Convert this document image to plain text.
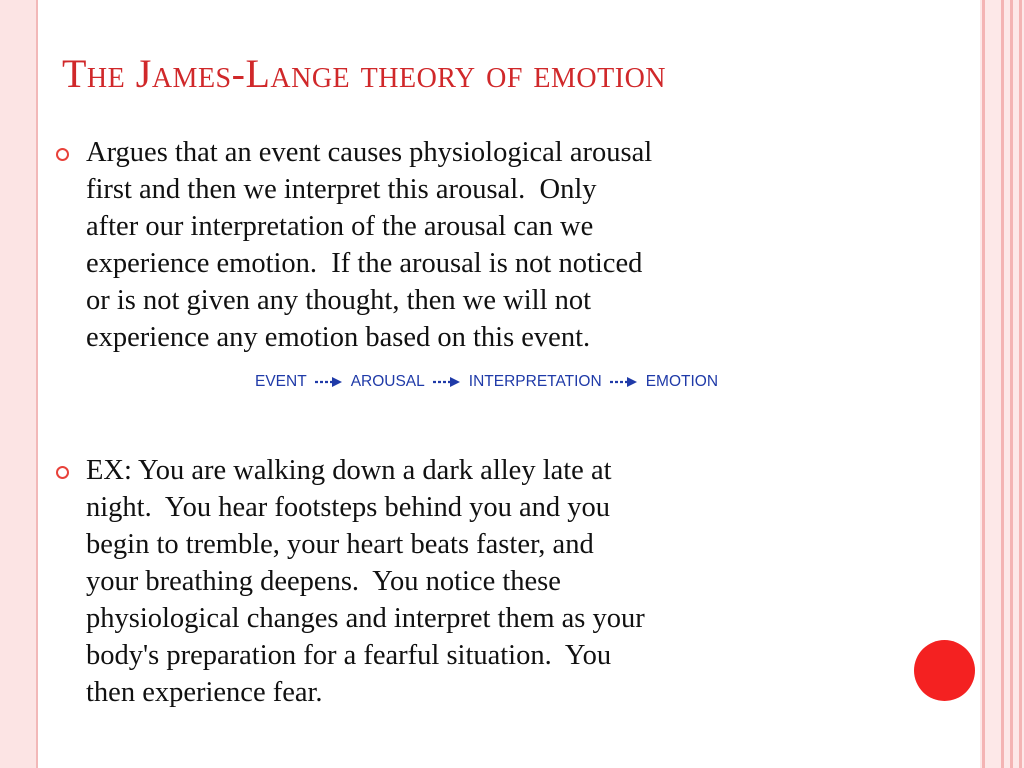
The James-Lange theory of emotion
Argues that an event causes physiological arousal
first and then we interpret this arousal.  Only
after our interpretation of the arousal can we
experience emotion.  If the arousal is not noticed
or is not given any thought, then we will not
experience any emotion based on this event.
EVENT	AROUSAL	INTERPRETATION	EMOTION
EX: You are walking down a dark alley late at
night.  You hear footsteps behind you and you
begin to tremble, your heart beats faster, and
your breathing deepens.  You notice these
physiological changes and interpret them as your
body's preparation for a fearful situation.  You
then experience fear.
